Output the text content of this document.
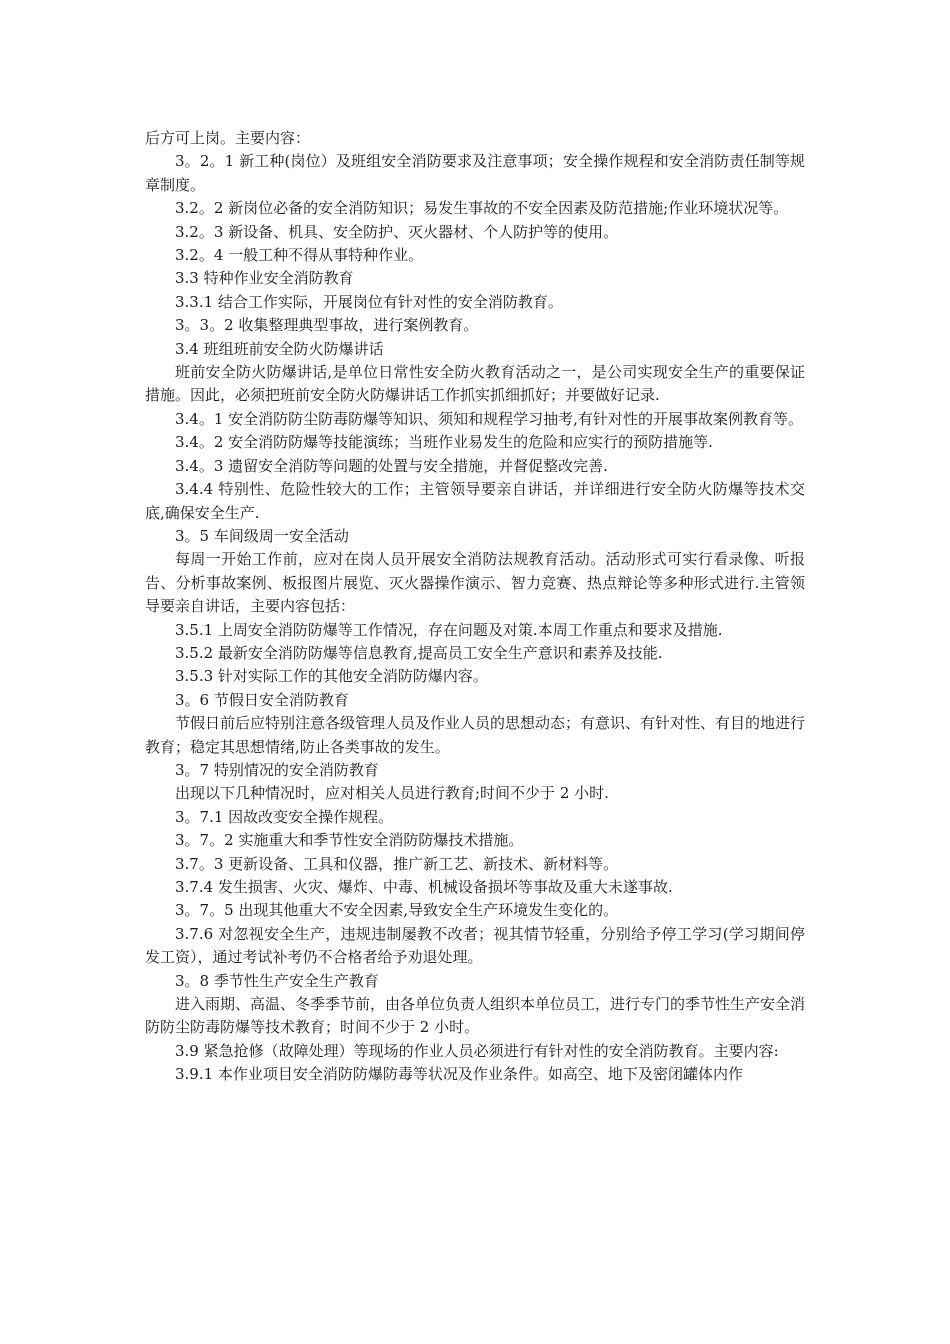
后方可上岗。主要内容：

3。2。1 新工种(岗位）及班组安全消防要求及注意事项；安全操作规程和安全消防责任制等规章制度。

3.2。2 新岗位必备的安全消防知识；易发生事故的不安全因素及防范措施;作业环境状况等。

3.2。3 新设备、机具、安全防护、灭火器材、个人防护等的使用。

3.2。4 一般工种不得从事特种作业。

3.3 特种作业安全消防教育

3.3.1 结合工作实际，开展岗位有针对性的安全消防教育。

3。3。2 收集整理典型事故，进行案例教育。

3.4 班组班前安全防火防爆讲话

班前安全防火防爆讲话,是单位日常性安全防火教育活动之一，是公司实现安全生产的重要保证措施。因此，必须把班前安全防火防爆讲话工作抓实抓细抓好；并要做好记录.

3.4。1 安全消防防尘防毒防爆等知识、须知和规程学习抽考,有针对性的开展事故案例教育等。

3.4。2 安全消防防爆等技能演练；当班作业易发生的危险和应实行的预防措施等.

3.4。3 遗留安全消防等问题的处置与安全措施，并督促整改完善.

3.4.4 特别性、危险性较大的工作；主管领导要亲自讲话，并详细进行安全防火防爆等技术交底,确保安全生产.

3。5 车间级周一安全活动

每周一开始工作前，应对在岗人员开展安全消防法规教育活动。活动形式可实行看录像、听报告、分析事故案例、板报图片展览、灭火器操作演示、智力竞赛、热点辩论等多种形式进行.主管领导要亲自讲话，主要内容包括：

3.5.1 上周安全消防防爆等工作情况，存在问题及对策.本周工作重点和要求及措施.

3.5.2 最新安全消防防爆等信息教育,提高员工安全生产意识和素养及技能.

3.5.3 针对实际工作的其他安全消防防爆内容。

3。6 节假日安全消防教育

节假日前后应特别注意各级管理人员及作业人员的思想动态；有意识、有针对性、有目的地进行教育；稳定其思想情绪,防止各类事故的发生。

3。7 特别情况的安全消防教育

出现以下几种情况时，应对相关人员进行教育;时间不少于 2 小时.

3。7.1 因故改变安全操作规程。

3。7。2 实施重大和季节性安全消防防爆技术措施。

3.7。3 更新设备、工具和仪器，推广新工艺、新技术、新材料等。

3.7.4 发生损害、火灾、爆炸、中毒、机械设备损坏等事故及重大未遂事故.

3。7。5 出现其他重大不安全因素,导致安全生产环境发生变化的。

3.7.6 对忽视安全生产，违规违制屡教不改者；视其情节轻重，分别给予停工学习(学习期间停发工资），通过考试补考仍不合格者给予劝退处理。

3。8 季节性生产安全生产教育

进入雨期、高温、冬季季节前，由各单位负责人组织本单位员工，进行专门的季节性生产安全消防防尘防毒防爆等技术教育；时间不少于 2 小时。

3.9 紧急抢修（故障处理）等现场的作业人员必须进行有针对性的安全消防教育。主要内容:

3.9.1 本作业项目安全消防防爆防毒等状况及作业条件。如高空、地下及密闭罐体内作
